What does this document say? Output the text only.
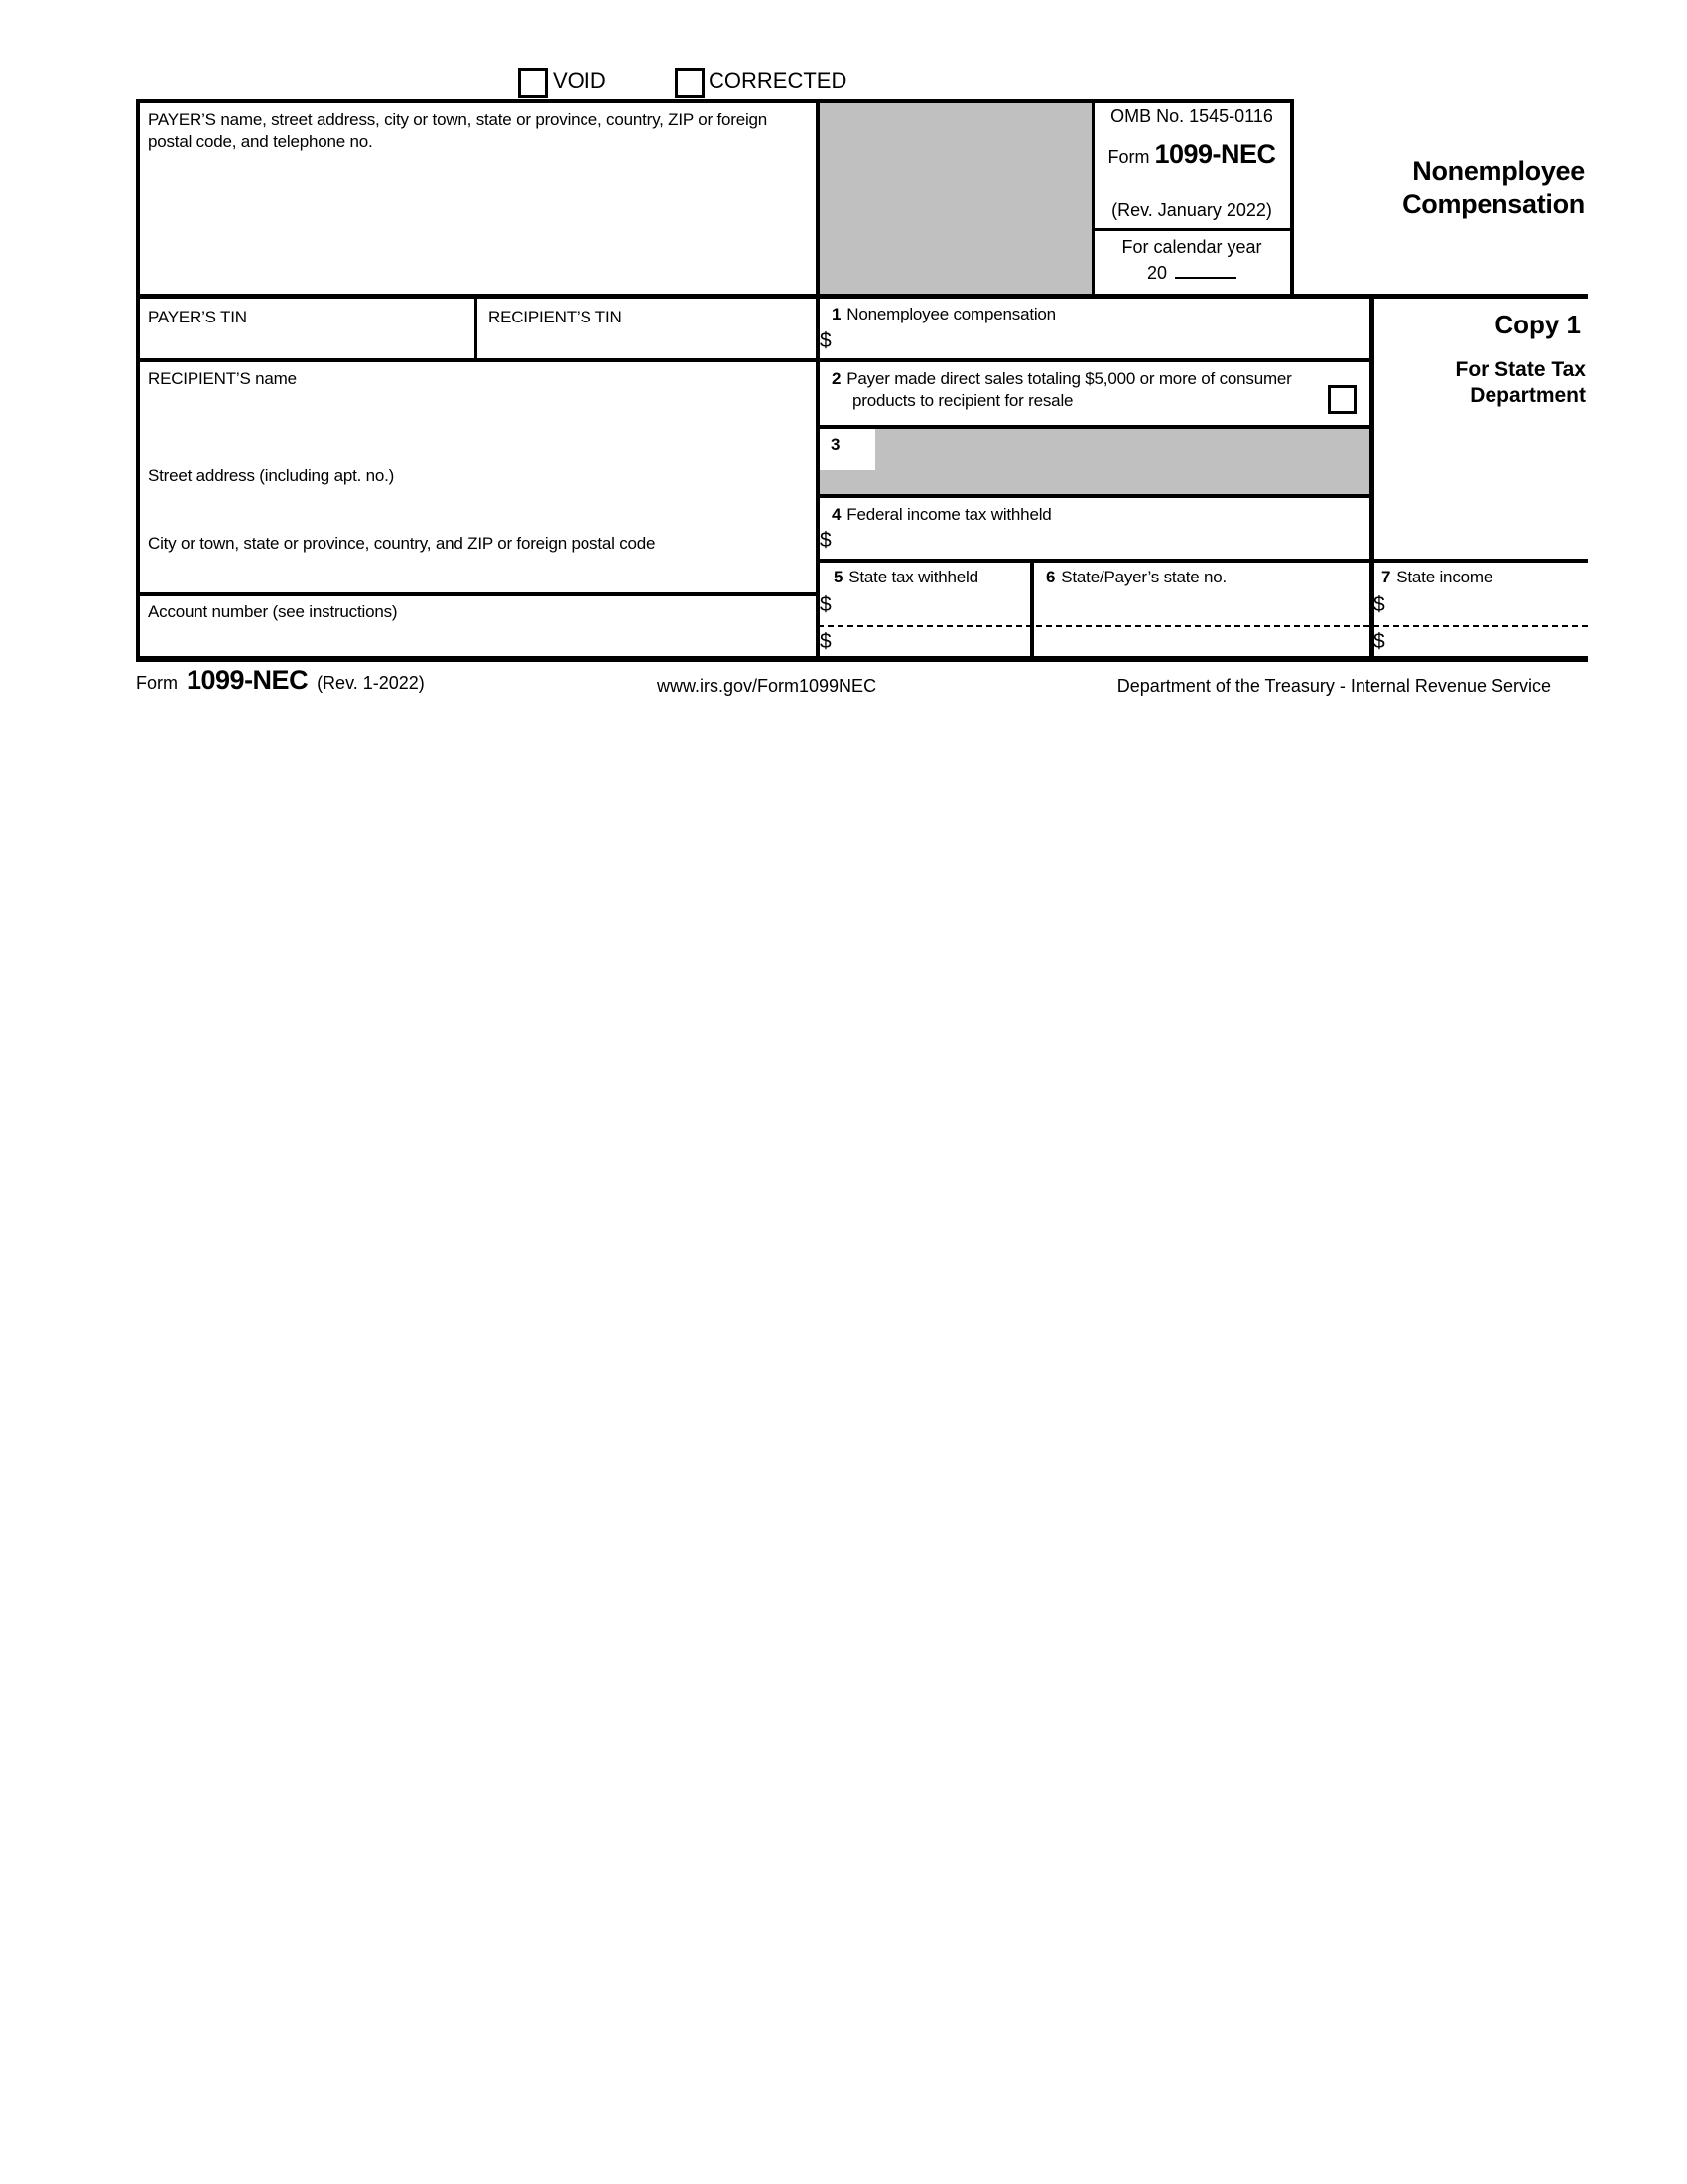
VOID	CORRECTED
PAYER’S name, street address, city or town, state or province, country, ZIP or foreign postal code, and telephone no.
OMB No. 1545-0116
Form 1099-NEC
(Rev. January 2022)
For calendar year
20
Nonemployee
Compensation
PAYER’S TIN	RECIPIENT’S TIN	1 Nonemployee compensation
$
RECIPIENT’S name	2 Payer made direct sales totaling $5,000 or more of consumer products to recipient for resale
3
Street address (including apt. no.)
4 Federal income tax withheld
$
City or town, state or province, country, and ZIP or foreign postal code
5 State tax withheld
$
$
6 State/Payer’s state no.	7 State income
$
$
Account number (see instructions)
Copy 1
For State Tax
Department
Form 1099-NEC (Rev. 1-2022)	www.irs.gov/Form1099NEC	Department of the Treasury - Internal Revenue Service
